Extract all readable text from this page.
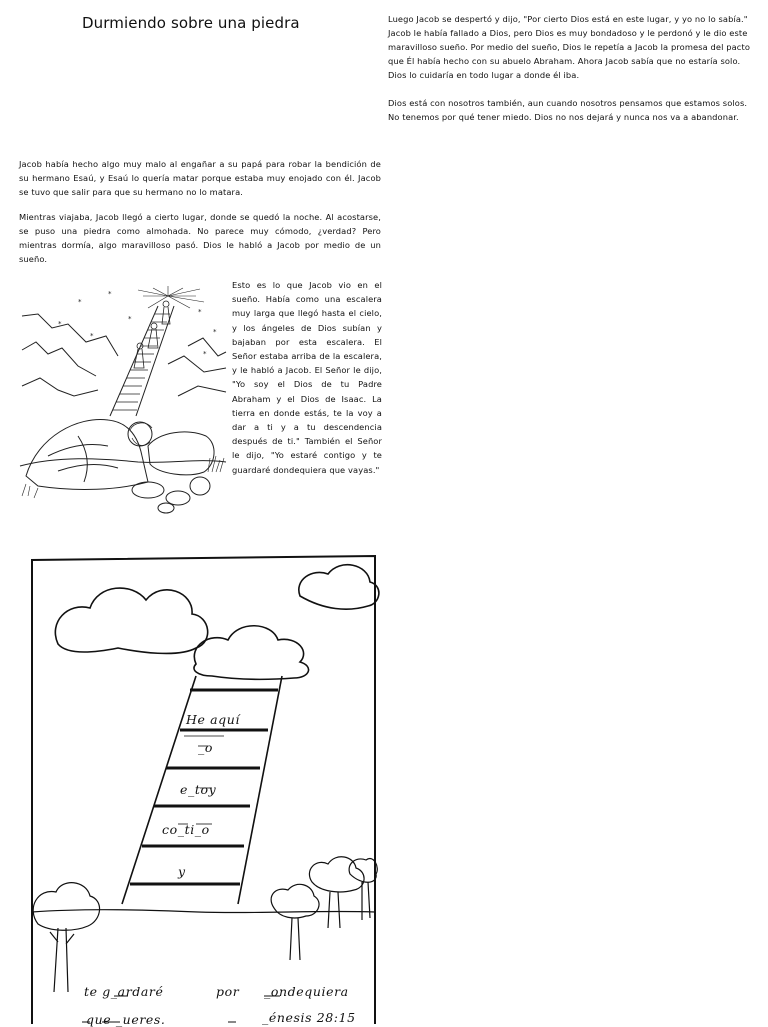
Durmiendo sobre una piedra	Luego Jacob se despertó y dijo, "Por cierto Dios está en este lugar, y yo no lo sabía." Jacob le había fallado a Dios, pero Dios es muy bondadoso y le perdonó y le dio este maravilloso sueño. Por medio del sueño, Dios le repetía a Jacob la promesa del pacto que Él había hecho con su abuelo Abraham. Ahora Jacob sabía que no estaría solo. Dios lo cuidaría en todo lugar a donde él iba.

Dios está con nosotros también, aun cuando nosotros pensamos que estamos solos. No tenemos por qué tener miedo. Dios no nos dejará y nunca nos va a abandonar.

Jacob había hecho algo muy malo al engañar a su papá para robar la bendición de su hermano Esaú, y Esaú lo quería matar porque estaba muy enojado con él. Jacob se tuvo que salir para que su hermano no lo matara.

Mientras viajaba, Jacob llegó a cierto lugar, donde se quedó la noche. Al acostarse, se puso una piedra como almohada. No parece muy cómodo, ¿verdad? Pero mientras dormía, algo maravilloso pasó. Dios le habló a Jacob por medio de un sueño.

Esto es lo que Jacob vio en el sueño. Había como una escalera muy larga que llegó hasta el cielo, y los ángeles de Dios subían y bajaban por esta escalera. El Señor estaba arriba de la escalera, y le habló a Jacob. El Señor le dijo, "Yo soy el Dios de tu Padre Abraham y el Dios de Isaac. La tierra en donde estás, te la voy a dar a ti y a tu descendencia después de ti." También el Señor le dijo, "Yo estaré contigo y te guardaré dondequiera que vayas."

*
*
*
*
*
*
*
*
He aquí
_o
e_toy
co_ti_o
y
te g_ardaré	por _ondequiera
que _ueres.	_énesis 28:15
